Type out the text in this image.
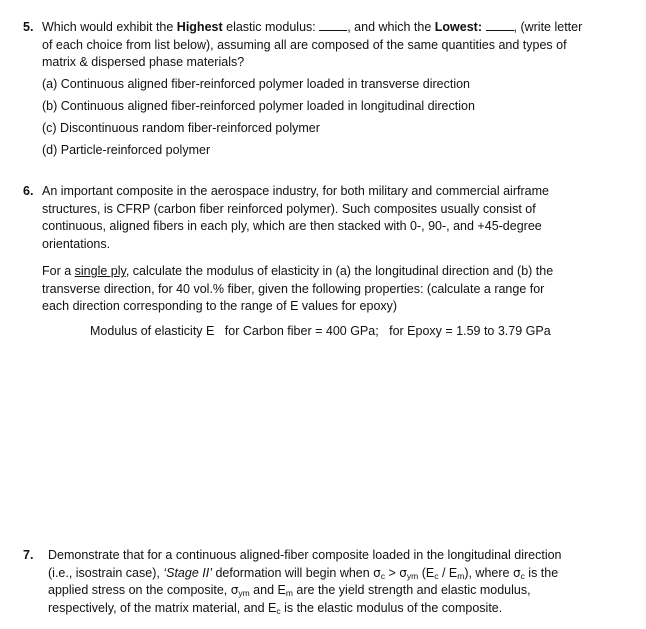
5. Which would exhibit the Highest elastic modulus: , and which the Lowest:	, (write letter
of each choice from list below), assuming all are composed of the same quantities and types of
matrix & dispersed phase materials?
(a) Continuous aligned fiber-reinforced polymer loaded in transverse direction
(b) Continuous aligned fiber-reinforced polymer loaded in longitudinal direction
(c) Discontinuous random fiber-reinforced polymer
(d) Particle-reinforced polymer
6. An important composite in the aerospace industry, for both military and commercial airframe
structures, is CFRP (carbon fiber reinforced polymer). Such composites usually consist of
continuous, aligned fibers in each ply, which are then stacked with 0-, 90-, and +45-degree
orientations.
For a single ply, calculate the modulus of elasticity in (a) the longitudinal direction and (b) the
transverse direction, for 40 vol.% fiber, given the following properties: (calculate a range for
each direction corresponding to the range of E values for epoxy)
Modulus of elasticity E   for Carbon fiber = 400 GPa;   for Epoxy = 1.59 to 3.79 GPa
7. Demonstrate that for a continuous aligned-fiber composite loaded in the longitudinal direction
(i.e., isostrain case), ‘Stage II’ deformation will begin when $\sigma_c > \sigma_{ym}$ $(E_c / E_m)$, where $\sigma_c$ is the
applied stress on the composite, $\sigma_{ym}$ and $E_m$ are the yield strength and elastic modulus,
respectively, of the matrix material, and $E_c$ is the elastic modulus of the composite.
